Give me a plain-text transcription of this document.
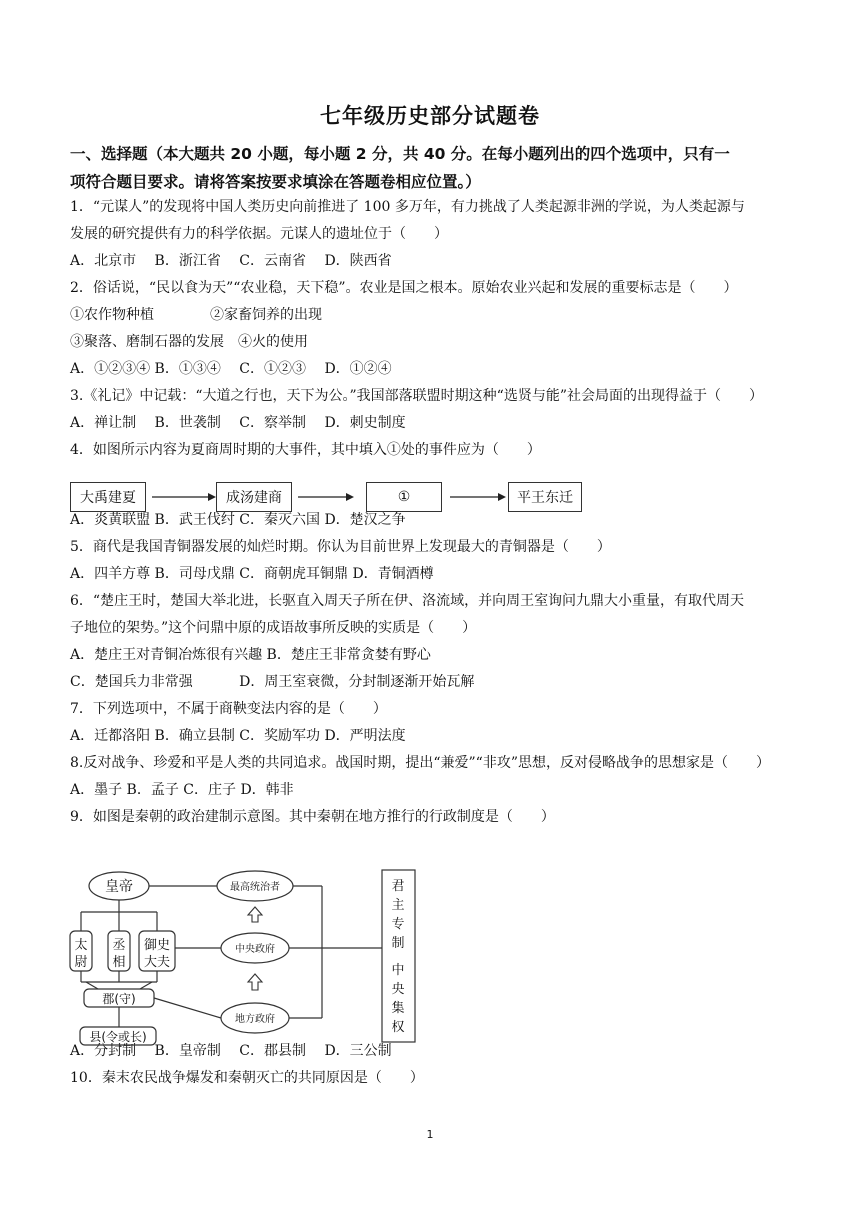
七年级历史部分试题卷
一、选择题（本大题共 20 小题，每小题 2 分，共 40 分。在每小题列出的四个选项中，只有一
项符合题目要求。请将答案按要求填涂在答题卷相应位置。）
1．“元谋人”的发现将中国人类历史向前推进了 100 多万年，有力挑战了人类起源非洲的学说，为人类起源与
发展的研究提供有力的科学依据。元谋人的遗址位于（　　）
A．北京市　 B．浙江省　 C．云南省　 D．陕西省
2．俗话说，“民以食为天”“农业稳，天下稳”。农业是国之根本。原始农业兴起和发展的重要标志是（　　）
①农作物种植　　　　②家畜饲养的出现
③聚落、磨制石器的发展　④火的使用
A．①②③④ B．①③④　 C．①②③　 D．①②④
3.《礼记》中记载：“大道之行也，天下为公。”我国部落联盟时期这种“选贤与能”社会局面的出现得益于（　　）
A．禅让制　 B．世袭制　 C．察举制　 D．刺史制度
4．如图所示内容为夏商周时期的大事件，其中填入①处的事件应为（　　）
A．炎黄联盟 B．武王伐纣 C．秦灭六国 D．楚汉之争
5．商代是我国青铜器发展的灿烂时期。你认为目前世界上发现最大的青铜器是（　　）
A．四羊方尊 B．司母戊鼎 C．商朝虎耳铜鼎 D．青铜酒樽
6．“楚庄王时，楚国大举北进，长驱直入周天子所在伊、洛流域，并向周王室询问九鼎大小重量，有取代周天
子地位的架势。”这个问鼎中原的成语故事所反映的实质是（　　）
A．楚庄王对青铜冶炼很有兴趣 B．楚庄王非常贪婪有野心
C．楚国兵力非常强　　　 D．周王室衰微，分封制逐渐开始瓦解
7．下列选项中，不属于商鞅变法内容的是（　　）
A．迁都洛阳 B．确立县制 C．奖励军功 D．严明法度
8.反对战争、珍爱和平是人类的共同追求。战国时期，提出“兼爱”“非攻”思想，反对侵略战争的思想家是（　　）
A．墨子 B．孟子 C．庄子 D．韩非
9．如图是秦朝的政治建制示意图。其中秦朝在地方推行的行政制度是（　　）
A．分封制　 B．皇帝制　 C．郡县制　 D．三公制
10．秦末农民战争爆发和秦朝灭亡的共同原因是（　　）
大禹建夏	成汤建商	①	平王东迁
皇帝
太
尉
丞
相
御史
大夫
郡(守)
县(令或长)
最高统治者
中央政府
地方政府
君
主
专
制
中
央
集
权
1
